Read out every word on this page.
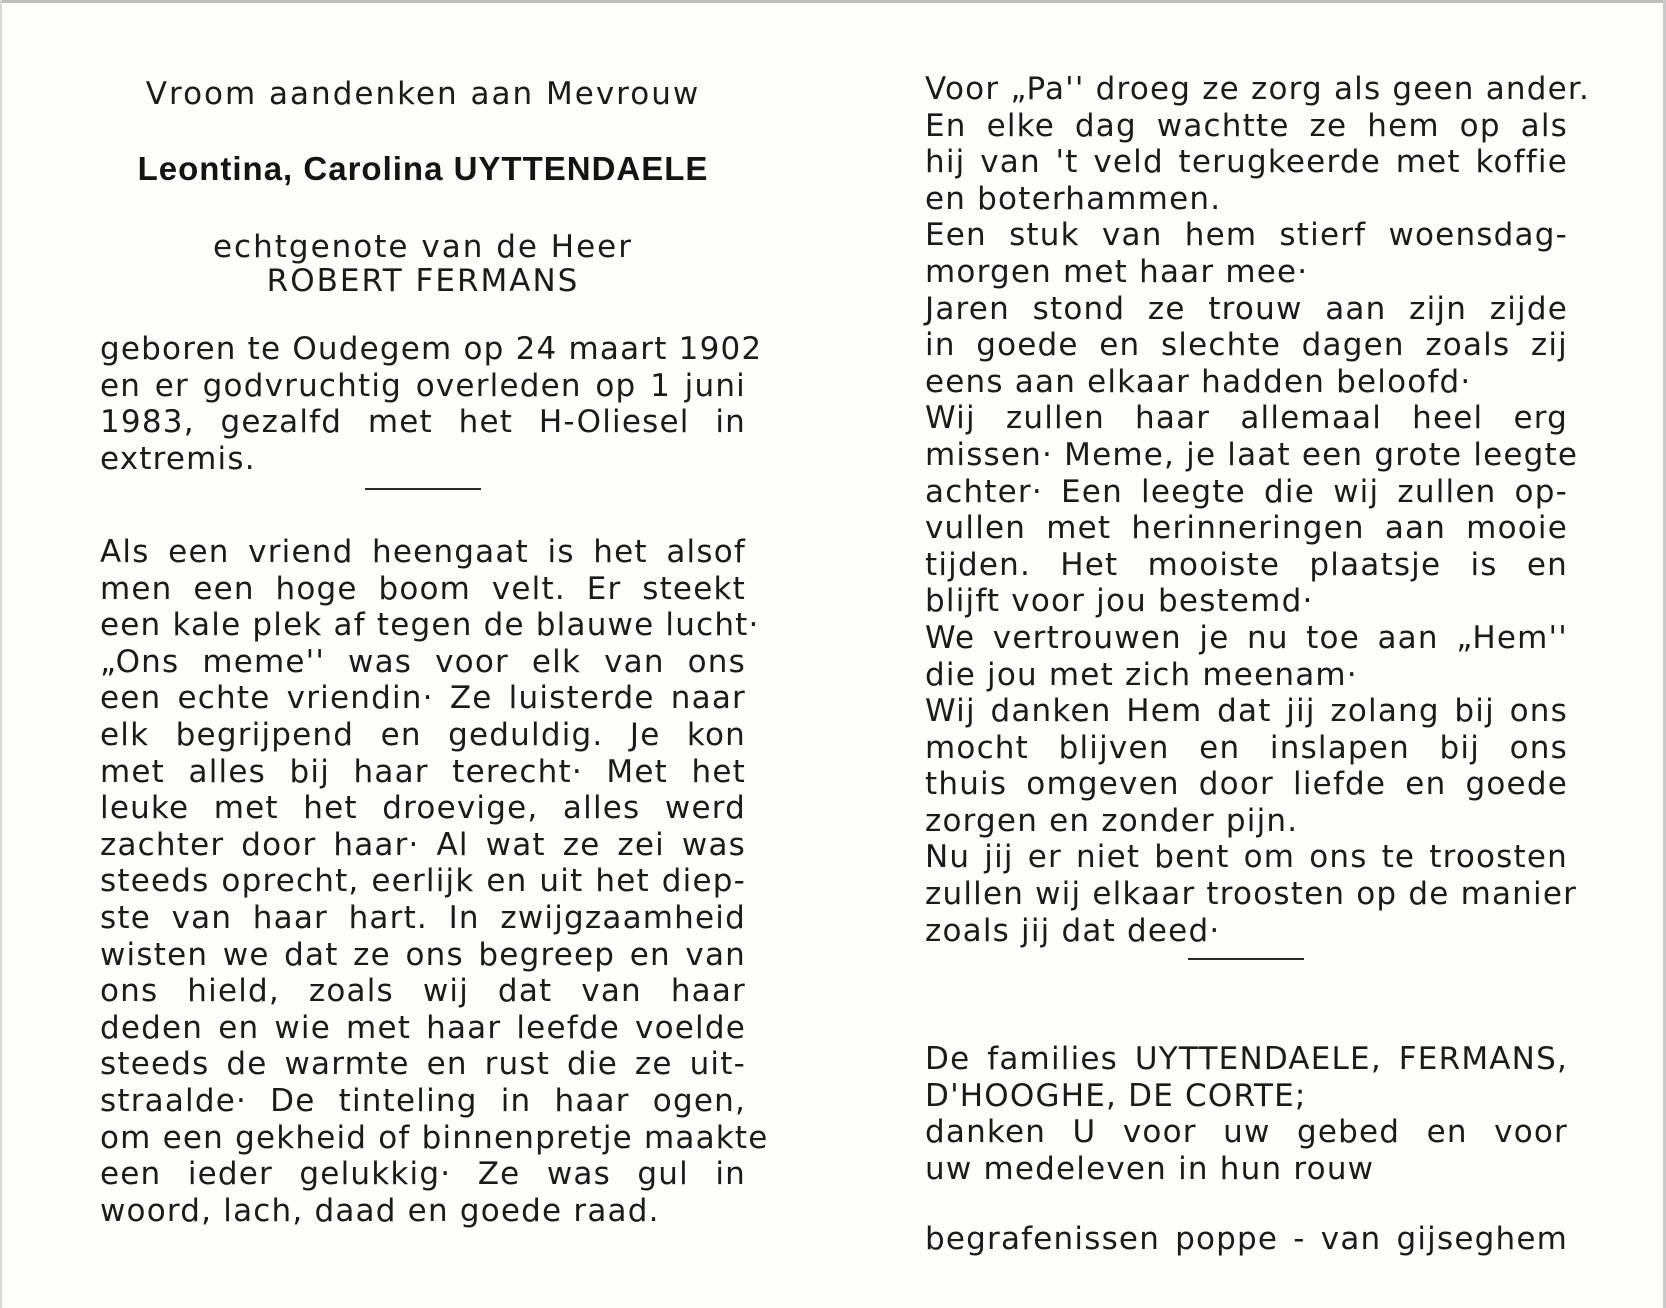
Vroom aandenken aan Mevrouw
Leontina, Carolina UYTTENDAELE
echtgenote van de Heer
ROBERT FERMANS
geboren te Oudegem op 24 maart 1902
en er godvruchtig overleden op 1 juni
1983, gezalfd met het H-Oliesel in
extremis.
Als een vriend heengaat is het alsof
men een hoge boom velt. Er steekt
een kale plek af tegen de blauwe lucht·
„Ons meme'' was voor elk van ons
een echte vriendin· Ze luisterde naar
elk begrijpend en geduldig. Je kon
met alles bij haar terecht· Met het
leuke met het droevige, alles werd
zachter door haar· Al wat ze zei was
steeds oprecht, eerlijk en uit het diep-
ste van haar hart. In zwijgzaamheid
wisten we dat ze ons begreep en van
ons hield, zoals wij dat van haar
deden en wie met haar leefde voelde
steeds de warmte en rust die ze uit-
straalde· De tinteling in haar ogen,
om een gekheid of binnenpretje maakte
een ieder gelukkig· Ze was gul in
woord, lach, daad en goede raad.
Voor „Pa'' droeg ze zorg als geen ander.
En elke dag wachtte ze hem op als
hij van 't veld terugkeerde met koffie
en boterhammen.
Een stuk van hem stierf woensdag-
morgen met haar mee·
Jaren stond ze trouw aan zijn zijde
in goede en slechte dagen zoals zij
eens aan elkaar hadden beloofd·
Wij zullen haar allemaal heel erg
missen· Meme, je laat een grote leegte
achter· Een leegte die wij zullen op-
vullen met herinneringen aan mooie
tijden. Het mooiste plaatsje is en
blijft voor jou bestemd·
We vertrouwen je nu toe aan „Hem''
die jou met zich meenam·
Wij danken Hem dat jij zolang bij ons
mocht blijven en inslapen bij ons
thuis omgeven door liefde en goede
zorgen en zonder pijn.
Nu jij er niet bent om ons te troosten
zullen wij elkaar troosten op de manier
zoals jij dat deed·
De families UYTTENDAELE, FERMANS,
D'HOOGHE, DE CORTE;
danken U voor uw gebed en voor
uw medeleven in hun rouw
begrafenissen poppe - van gijseghem
